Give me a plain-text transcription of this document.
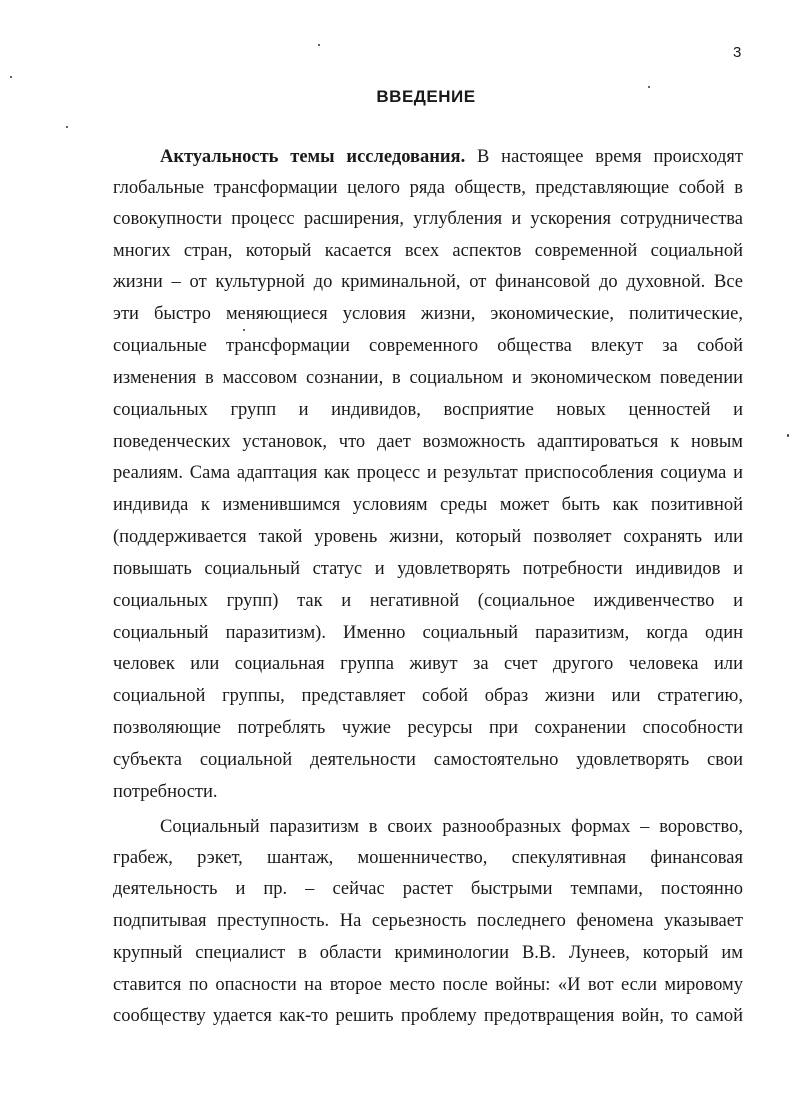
3
ВВЕДЕНИЕ
Актуальность темы исследования. В настоящее время происходят
глобальные трансформации целого ряда обществ, представляющие собой в
совокупности процесс расширения, углубления и ускорения сотрудничества
многих стран, который касается всех аспектов современной социальной
жизни – от культурной до криминальной, от финансовой до духовной. Все
эти быстро меняющиеся условия жизни, экономические, политические,
социальные трансформации современного общества влекут за собой
изменения в массовом сознании, в социальном и экономическом поведении
социальных групп и индивидов, восприятие новых ценностей и
поведенческих установок, что дает возможность адаптироваться к новым
реалиям. Сама адаптация как процесс и результат приспособления социума и
индивида к изменившимся условиям среды может быть как позитивной
(поддерживается такой уровень жизни, который позволяет сохранять или
повышать социальный статус и удовлетворять потребности индивидов и
социальных групп) так и негативной (социальное иждивенчество и
социальный паразитизм). Именно социальный паразитизм, когда один
человек или социальная группа живут за счет другого человека или
социальной группы, представляет собой образ жизни или стратегию,
позволяющие потреблять чужие ресурсы при сохранении способности
субъекта социальной деятельности самостоятельно удовлетворять свои
потребности.
Социальный паразитизм в своих разнообразных формах – воровство,
грабеж, рэкет, шантаж, мошенничество, спекулятивная финансовая
деятельность и пр. – сейчас растет быстрыми темпами, постоянно
подпитывая преступность. На серьезность последнего феномена указывает
крупный специалист в области криминологии В.В. Лунеев, который им
ставится по опасности на второе место после войны: «И вот если мировому
сообществу удается как-то решить проблему предотвращения войн, то самой
